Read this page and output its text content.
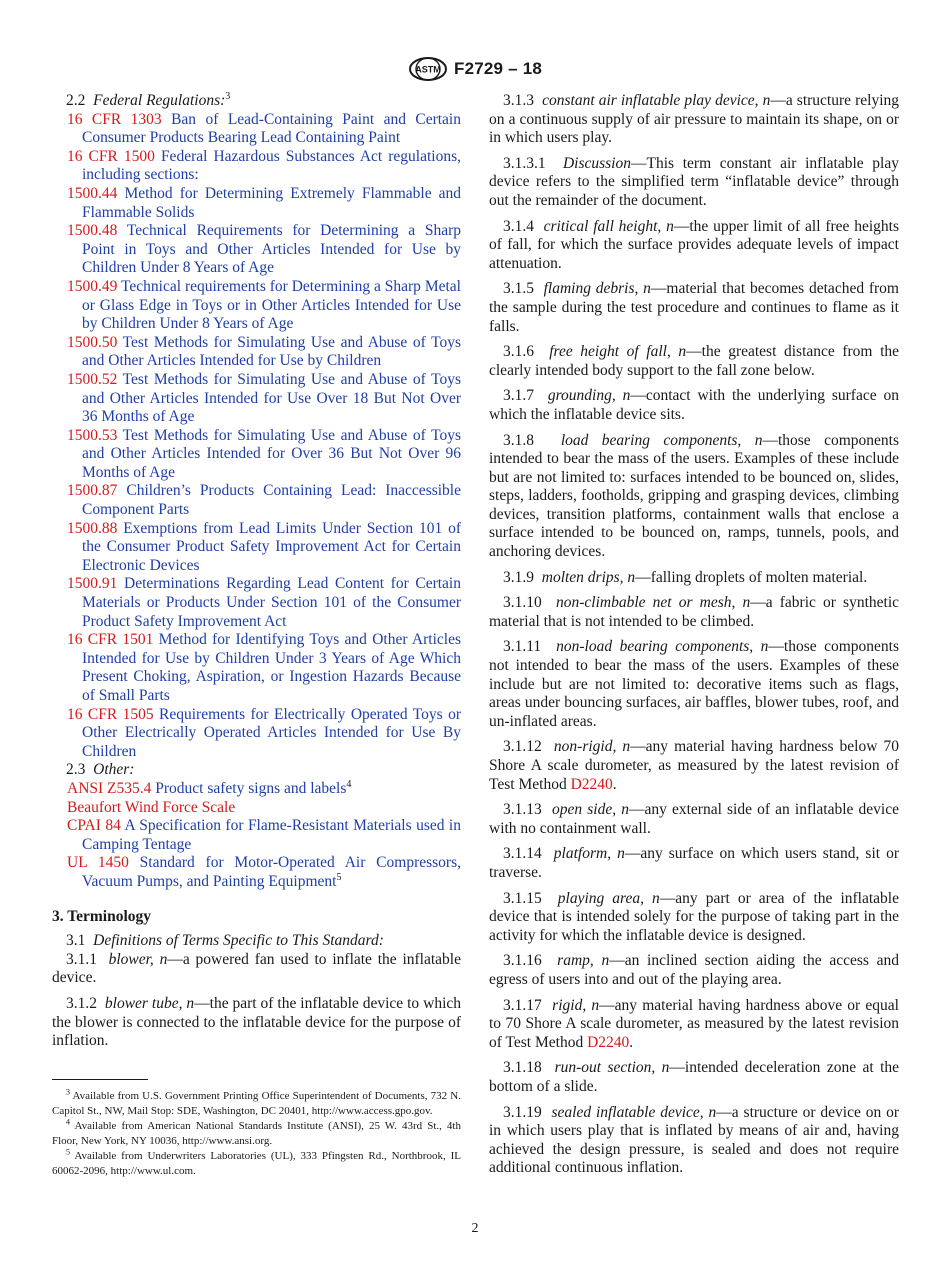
ASTM F2729 – 18

2.2 Federal Regulations:$^3$

16 CFR 1303 Ban of Lead-Containing Paint and Certain Consumer Products Bearing Lead Containing Paint

16 CFR 1500 Federal Hazardous Substances Act regulations, including sections:

1500.44 Method for Determining Extremely Flammable and Flammable Solids

1500.48 Technical Requirements for Determining a Sharp Point in Toys and Other Articles Intended for Use by Children Under 8 Years of Age

1500.49 Technical requirements for Determining a Sharp Metal or Glass Edge in Toys or in Other Articles Intended for Use by Children Under 8 Years of Age

1500.50 Test Methods for Simulating Use and Abuse of Toys and Other Articles Intended for Use by Children

1500.52 Test Methods for Simulating Use and Abuse of Toys and Other Articles Intended for Use Over 18 But Not Over 36 Months of Age

1500.53 Test Methods for Simulating Use and Abuse of Toys and Other Articles Intended for Over 36 But Not Over 96 Months of Age

1500.87 Children’s Products Containing Lead: Inaccessible Component Parts

1500.88 Exemptions from Lead Limits Under Section 101 of the Consumer Product Safety Improvement Act for Certain Electronic Devices

1500.91 Determinations Regarding Lead Content for Certain Materials or Products Under Section 101 of the Consumer Product Safety Improvement Act

16 CFR 1501 Method for Identifying Toys and Other Articles Intended for Use by Children Under 3 Years of Age Which Present Choking, Aspiration, or Ingestion Hazards Because of Small Parts

16 CFR 1505 Requirements for Electrically Operated Toys or Other Electrically Operated Articles Intended for Use By Children

2.3 Other:

ANSI Z535.4 Product safety signs and labels$^4$

Beaufort Wind Force Scale

CPAI 84 A Specification for Flame-Resistant Materials used in Camping Tentage

UL 1450 Standard for Motor-Operated Air Compressors, Vacuum Pumps, and Painting Equipment$^5$

3. Terminology

3.1 Definitions of Terms Specific to This Standard:

3.1.1 blower, n—a powered fan used to inflate the inflatable device.

3.1.2 blower tube, n—the part of the inflatable device to which the blower is connected to the inflatable device for the purpose of inflation.

3.1.3 constant air inflatable play device, n—a structure relying on a continuous supply of air pressure to maintain its shape, on or in which users play.

3.1.3.1 Discussion—This term constant air inflatable play device refers to the simplified term “inflatable device” through out the remainder of the document.

3.1.4 critical fall height, n—the upper limit of all free heights of fall, for which the surface provides adequate levels of impact attenuation.

3.1.5 flaming debris, n—material that becomes detached from the sample during the test procedure and continues to flame as it falls.

3.1.6 free height of fall, n—the greatest distance from the clearly intended body support to the fall zone below.

3.1.7 grounding, n—contact with the underlying surface on which the inflatable device sits.

3.1.8 load bearing components, n—those components intended to bear the mass of the users. Examples of these include but are not limited to: surfaces intended to be bounced on, slides, steps, ladders, footholds, gripping and grasping devices, climbing devices, transition platforms, containment walls that enclose a surface intended to be bounced on, ramps, tunnels, pools, and anchoring devices.

3.1.9 molten drips, n—falling droplets of molten material.

3.1.10 non-climbable net or mesh, n—a fabric or synthetic material that is not intended to be climbed.

3.1.11 non-load bearing components, n—those components not intended to bear the mass of the users. Examples of these include but are not limited to: decorative items such as flags, areas under bouncing surfaces, air baffles, blower tubes, roof, and un-inflated areas.

3.1.12 non-rigid, n—any material having hardness below 70 Shore A scale durometer, as measured by the latest revision of Test Method D2240.

3.1.13 open side, n—any external side of an inflatable device with no containment wall.

3.1.14 platform, n—any surface on which users stand, sit or traverse.

3.1.15 playing area, n—any part or area of the inflatable device that is intended solely for the purpose of taking part in the activity for which the inflatable device is designed.

3.1.16 ramp, n—an inclined section aiding the access and egress of users into and out of the playing area.

3.1.17 rigid, n—any material having hardness above or equal to 70 Shore A scale durometer, as measured by the latest revision of Test Method D2240.

3.1.18 run-out section, n—intended deceleration zone at the bottom of a slide.

3.1.19 sealed inflatable device, n—a structure or device on or in which users play that is inflated by means of air and, having achieved the design pressure, is sealed and does not require additional continuous inflation.

$^3$ Available from U.S. Government Printing Office Superintendent of Documents, 732 N. Capitol St., NW, Mail Stop: SDE, Washington, DC 20401, http://www.access.gpo.gov.

$^4$ Available from American National Standards Institute (ANSI), 25 W. 43rd St., 4th Floor, New York, NY 10036, http://www.ansi.org.

$^5$ Available from Underwriters Laboratories (UL), 333 Pfingsten Rd., Northbrook, IL 60062-2096, http://www.ul.com.

2
